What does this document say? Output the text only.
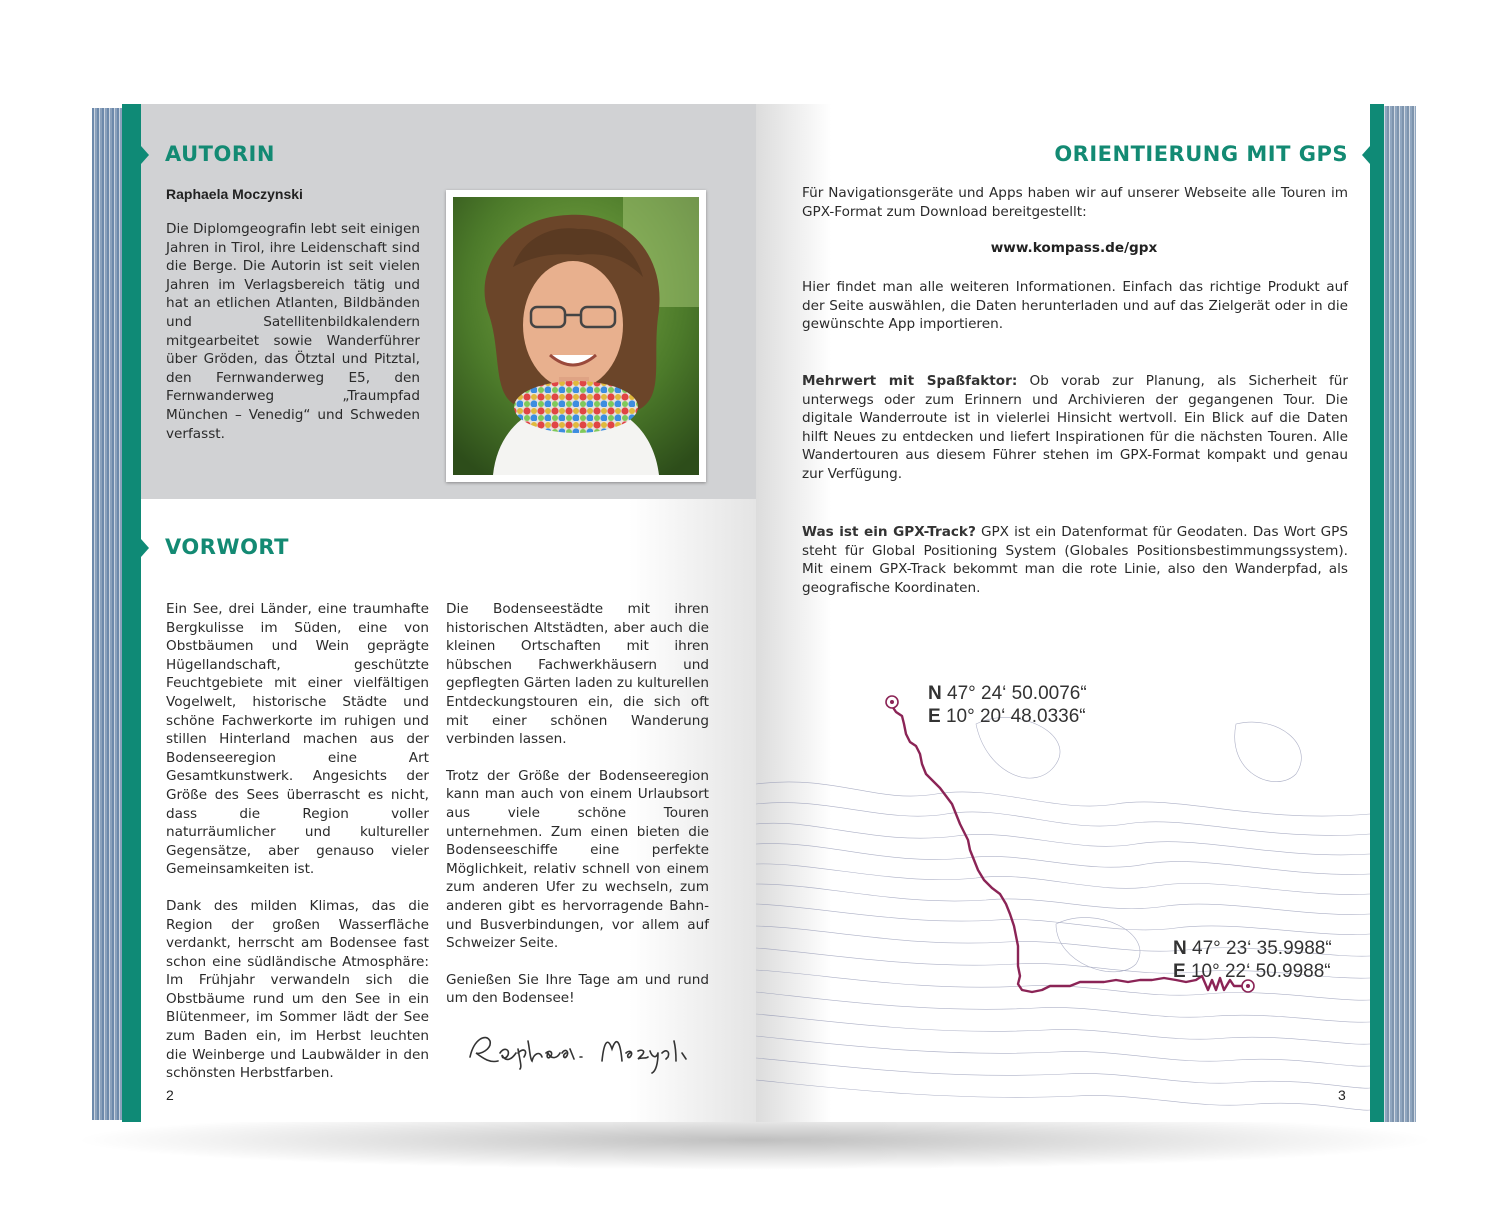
AUTORIN
Raphaela Moczynski
Die Diplomgeografin lebt seit einigen Jahren in Tirol, ihre Leidenschaft sind die Berge. Die Autorin ist seit vielen Jahren im Verlagsbereich tätig und hat an etlichen Atlanten, Bildbänden und Satellitenbildkalendern mitgearbeitet sowie Wanderführer über Gröden, das Ötztal und Pitztal, den Fernwanderweg E5, den Fernwanderweg „Traumpfad München – Venedig“ und Schweden verfasst.
VORWORT

Ein See, drei Länder, eine traumhafte Bergkulisse im Süden, eine von Obstbäumen und Wein geprägte Hügellandschaft, geschützte Feuchtgebiete mit einer vielfältigen Vogelwelt, historische Städte und schöne Fachwerkorte im ruhigen und stillen Hinterland machen aus der Bodenseeregion eine Art Gesamtkunstwerk. Angesichts der Größe des Sees überrascht es nicht, dass die Region voller naturräumlicher und kultureller Gegensätze, aber genauso vieler Gemeinsamkeiten ist.

Dank des milden Klimas, das die Region der großen Wasserfläche verdankt, herrscht am Bodensee fast schon eine südländische Atmosphäre: Im Frühjahr verwandeln sich die Obstbäume rund um den See in ein Blütenmeer, im Sommer lädt der See zum Baden ein, im Herbst leuchten die Weinberge und Laubwälder in den schönsten Herbstfarben.

Die Bodenseestädte mit ihren historischen Altstädten, aber auch die kleinen Ortschaften mit ihren hübschen Fachwerkhäusern und gepflegten Gärten laden zu kulturellen Entdeckungstouren ein, die sich oft mit einer schönen Wanderung verbinden lassen.

Trotz der Größe der Bodenseeregion kann man auch von einem Urlaubsort aus viele schöne Touren unternehmen. Zum einen bieten die Bodenseeschiffe eine perfekte Möglichkeit, relativ schnell von einem zum anderen Ufer zu wechseln, zum anderen gibt es hervorragende Bahn- und Busverbindungen, vor allem auf Schweizer Seite.

Genießen Sie Ihre Tage am und rund um den Bodensee!

2
ORIENTIERUNG MIT GPS
Für Navigationsgeräte und Apps haben wir auf unserer Webseite alle Touren im GPX-Format zum Download bereitgestellt:
www.kompass.de/gpx
Hier findet man alle weiteren Informationen. Einfach das richtige Produkt auf der Seite auswählen, die Daten herunterladen und auf das Zielgerät oder in die gewünschte App importieren.
Mehrwert mit Spaßfaktor: Ob vorab zur Planung, als Sicherheit für unterwegs oder zum Erinnern und Archivieren der gegangenen Tour. Die digitale Wanderroute ist in vielerlei Hinsicht wertvoll. Ein Blick auf die Daten hilft Neues zu entdecken und liefert Inspirationen für die nächsten Touren. Alle Wandertouren aus diesem Führer stehen im GPX-Format kompakt und genau zur Verfügung.
Was ist ein GPX-Track? GPX ist ein Datenformat für Geodaten. Das Wort GPS steht für Global Positioning System (Globales Positionsbestimmungssystem). Mit einem GPX-Track bekommt man die rote Linie, also den Wanderpfad, als geografische Koordinaten.
N 47° 24‘ 50.0076“
E 10° 20‘ 48.0336“
N 47° 23‘ 35.9988“
E 10° 22‘ 50.9988“
3
